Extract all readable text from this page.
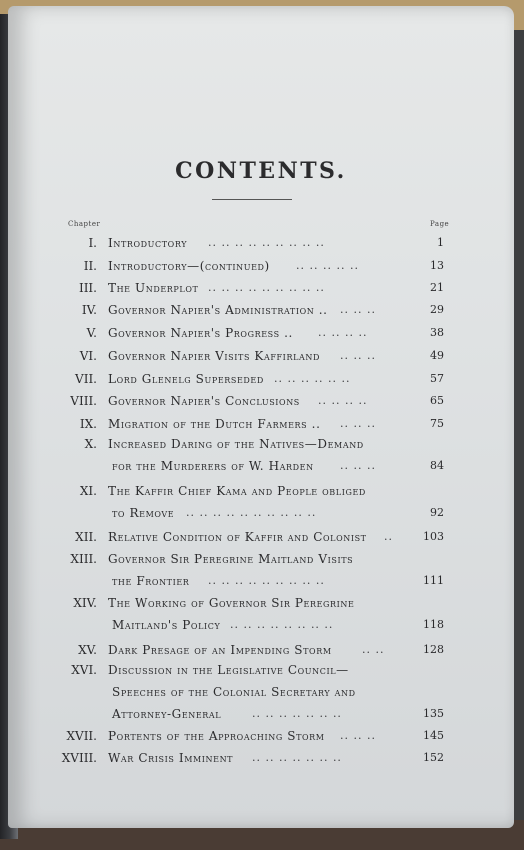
CONTENTS.
Chapter	Page
I. Introductory	1
.. .. .. .. .. .. .. .. ..
II. Introductory—(continued)	13
.. .. .. .. ..
III. The Underplot	21
.. .. .. .. .. .. .. .. ..
IV. Governor Napier's Administration ..	29
.. .. ..
V. Governor Napier's Progress ..	38
.. .. .. ..
VI. Governor Napier Visits Kaffirland	49
.. .. ..
VII. Lord Glenelg Superseded	57
.. .. .. .. .. ..
VIII. Governor Napier's Conclusions	65
.. .. .. ..
IX. Migration of the Dutch Farmers ..	75
.. .. ..
X. Increased Daring of the Natives—Demand
for the Murderers of W. Harden	84
.. .. ..
XI. The Kaffir Chief Kama and People obliged
to Remove	92
.. .. .. .. .. .. .. .. .. ..
XII. Relative Condition of Kaffir and Colonist	103
..
XIII. Governor Sir Peregrine Maitland Visits
the Frontier	111
.. .. .. .. .. .. .. .. ..
XIV. The Working of Governor Sir Peregrine
Maitland's Policy	118
.. .. .. .. .. .. .. ..
XV. Dark Presage of an Impending Storm	128
.. ..
XVI. Discussion in the Legislative Council—
Speeches of the Colonial Secretary and
Attorney-General	135
.. .. .. .. .. .. ..
XVII. Portents of the Approaching Storm	145
.. .. ..
XVIII. War Crisis Imminent	152
.. .. .. .. .. .. ..
